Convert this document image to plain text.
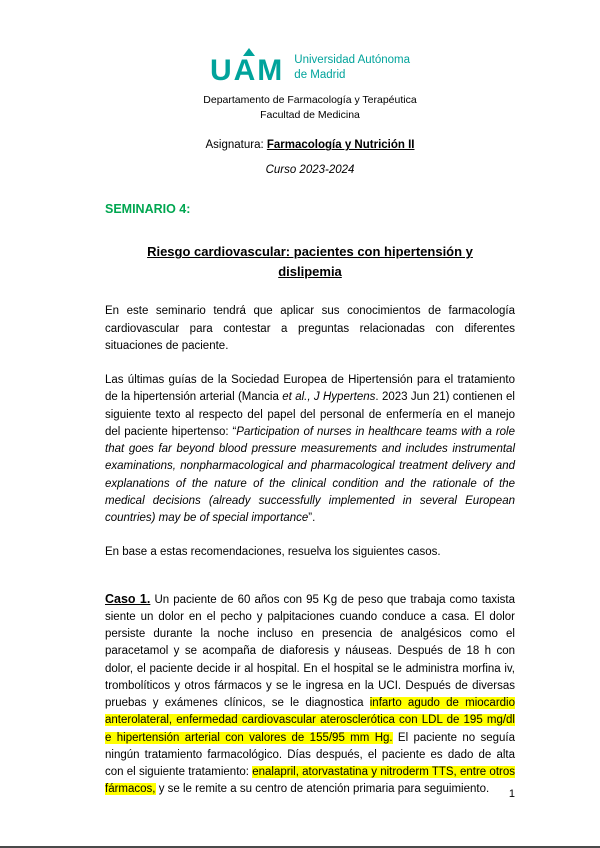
UAM Universidad Autónoma
de Madrid
Departamento de Farmacología y Terapéutica
Facultad de Medicina
Asignatura: Farmacología y Nutrición II
Curso 2023-2024
SEMINARIO 4:
Riesgo cardiovascular: pacientes con hipertensión y dislipemia

En este seminario tendrá que aplicar sus conocimientos de farmacología cardiovascular para contestar a preguntas relacionadas con diferentes situaciones de paciente.

Las últimas guías de la Sociedad Europea de Hipertensión para el tratamiento de la hipertensión arterial (Mancia et al., J Hypertens. 2023 Jun 21) contienen el siguiente texto al respecto del papel del personal de enfermería en el manejo del paciente hipertenso: “Participation of nurses in healthcare teams with a role that goes far beyond blood pressure measurements and includes instrumental examinations, nonpharmacological and pharmacological treatment delivery and explanations of the nature of the clinical condition and the rationale of the medical decisions (already successfully implemented in several European countries) may be of special importance”.

En base a estas recomendaciones, resuelva los siguientes casos.

Caso 1. Un paciente de 60 años con 95 Kg de peso que trabaja como taxista siente un dolor en el pecho y palpitaciones cuando conduce a casa. El dolor persiste durante la noche incluso en presencia de analgésicos como el paracetamol y se acompaña de diaforesis y náuseas. Después de 18 h con dolor, el paciente decide ir al hospital. En el hospital se le administra morfina iv, trombolíticos y otros fármacos y se le ingresa en la UCI. Después de diversas pruebas y exámenes clínicos, se le diagnostica infarto agudo de miocardio anterolateral, enfermedad cardiovascular aterosclerótica con LDL de 195 mg/dl e hipertensión arterial con valores de 155/95 mm Hg. El paciente no seguía ningún tratamiento farmacológico. Días después, el paciente es dado de alta con el siguiente tratamiento: enalapril, atorvastatina y nitroderm TTS, entre otros fármacos, y se le remite a su centro de atención primaria para seguimiento.	1
